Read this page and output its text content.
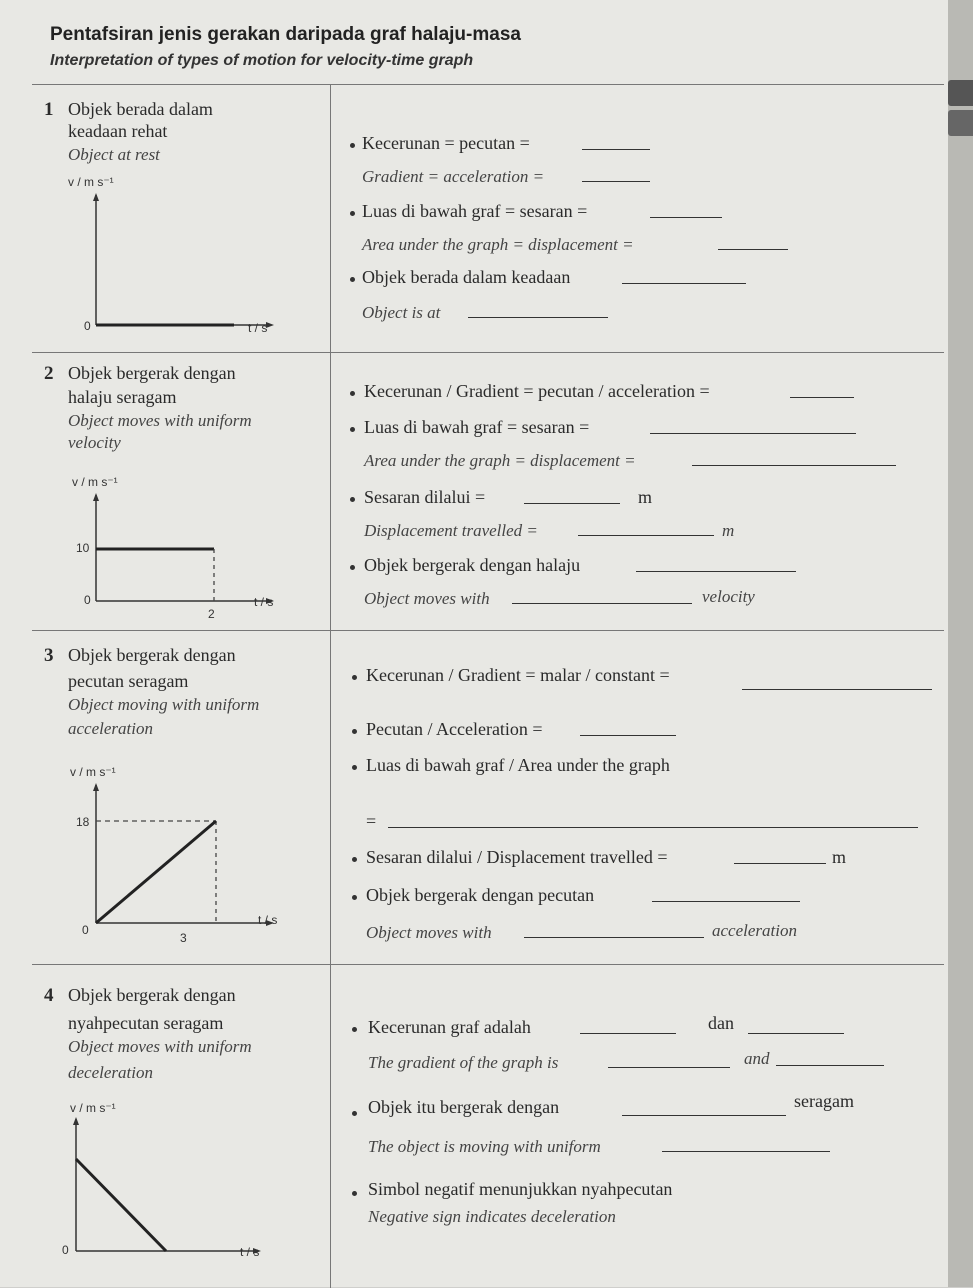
Pentafsiran jenis gerakan daripada graf halaju-masa
Interpretation of types of motion for velocity-time graph
1 Objek berada dalam
keadaan rehat
Object at rest
v / m s⁻¹
0	t / s
Kecerunan = pecutan =
Gradient = acceleration =
Luas di bawah graf = sesaran =
Area under the graph = displacement =
Objek berada dalam keadaan
Object is at
2 Objek bergerak dengan
halaju seragam
Object moves with uniform
velocity
v / m s⁻¹
10
0
2
t / s
Kecerunan / Gradient = pecutan / acceleration =
Luas di bawah graf = sesaran =
Area under the graph = displacement =
Sesaran dilalui =	m
Displacement travelled =	m
Objek bergerak dengan halaju
Object moves with	velocity
3 Objek bergerak dengan
pecutan seragam
Object moving with uniform
acceleration
v / m s⁻¹
18
0
3
t / s
Kecerunan / Gradient = malar / constant =
Pecutan / Acceleration =
Luas di bawah graf / Area under the graph
=
Sesaran dilalui / Displacement travelled =	m
Objek bergerak dengan pecutan
Object moves with	acceleration
4 Objek bergerak dengan
nyahpecutan seragam
Object moves with uniform
deceleration
v / m s⁻¹
0	t / s
Kecerunan graf adalah	dan
The gradient of the graph is	and
Objek itu bergerak dengan	seragam
The object is moving with uniform
Simbol negatif menunjukkan nyahpecutan
Negative sign indicates deceleration
